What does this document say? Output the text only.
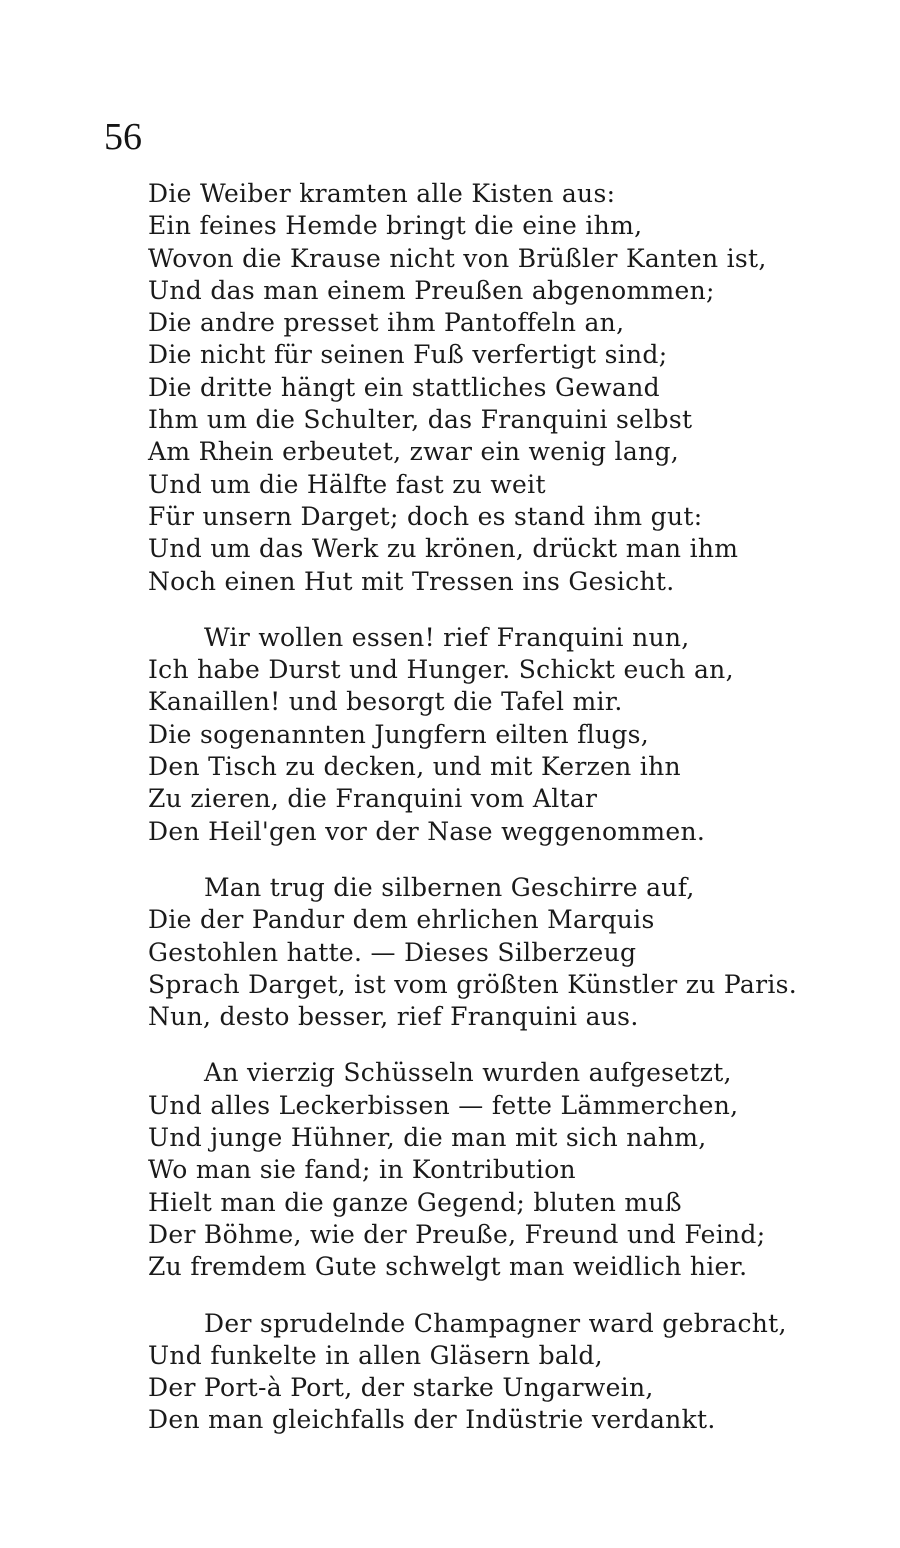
56
Die Weiber kramten alle Kisten aus:
Ein feines Hemde bringt die eine ihm,
Wovon die Krause nicht von Brüßler Kanten ist,
Und das man einem Preußen abgenommen;
Die andre presset ihm Pantoffeln an,
Die nicht für seinen Fuß verfertigt sind;
Die dritte hängt ein stattliches Gewand
Ihm um die Schulter, das Franquini selbst
Am Rhein erbeutet, zwar ein wenig lang,
Und um die Hälfte fast zu weit
Für unsern Darget; doch es stand ihm gut:
Und um das Werk zu krönen, drückt man ihm
Noch einen Hut mit Tressen ins Gesicht.
Wir wollen essen! rief Franquini nun,
Ich habe Durst und Hunger. Schickt euch an,
Kanaillen! und besorgt die Tafel mir.
Die sogenannten Jungfern eilten flugs,
Den Tisch zu decken, und mit Kerzen ihn
Zu zieren, die Franquini vom Altar
Den Heil'gen vor der Nase weggenommen.
Man trug die silbernen Geschirre auf,
Die der Pandur dem ehrlichen Marquis
Gestohlen hatte. — Dieses Silberzeug
Sprach Darget, ist vom größten Künstler zu Paris.
Nun, desto besser, rief Franquini aus.
An vierzig Schüsseln wurden aufgesetzt,
Und alles Leckerbissen — fette Lämmerchen,
Und junge Hühner, die man mit sich nahm,
Wo man sie fand; in Kontribution
Hielt man die ganze Gegend; bluten muß
Der Böhme, wie der Preuße, Freund und Feind;
Zu fremdem Gute schwelgt man weidlich hier.
Der sprudelnde Champagner ward gebracht,
Und funkelte in allen Gläsern bald,
Der Port-à Port, der starke Ungarwein,
Den man gleichfalls der Indüstrie verdankt.
